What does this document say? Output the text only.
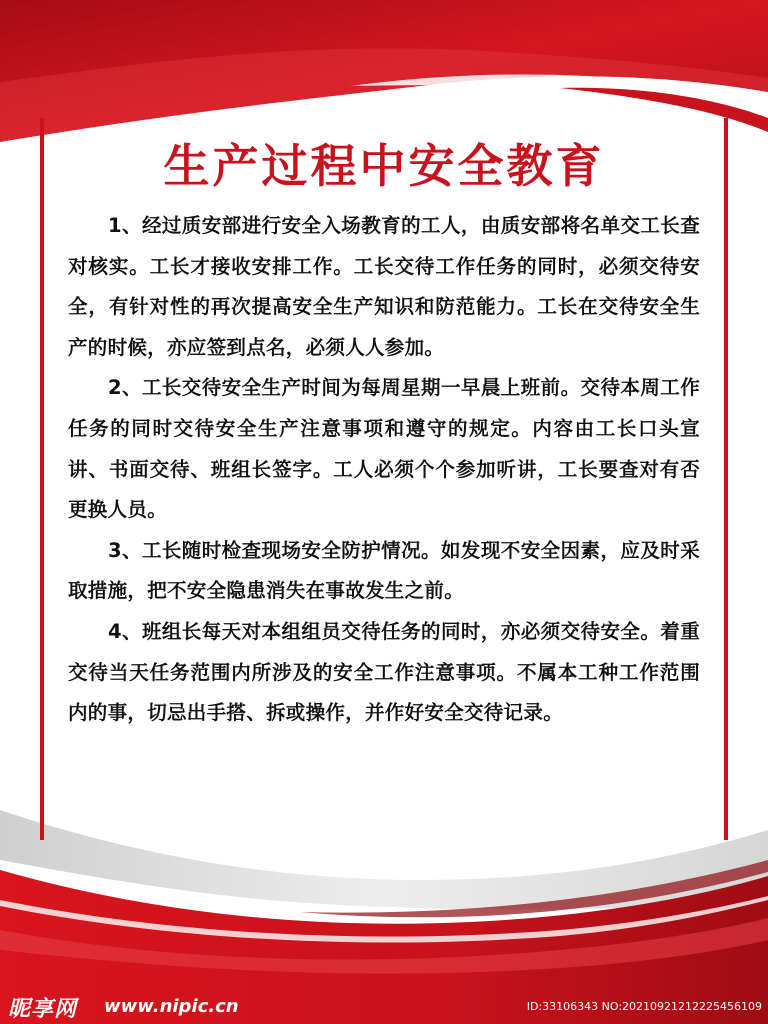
生产过程中安全教育

1、经过质安部进行安全入场教育的工人，由质安部将名单交工长查对核实。工长才接收安排工作。工长交待工作任务的同时，必须交待安全，有针对性的再次提高安全生产知识和防范能力。工长在交待安全生产的时候，亦应签到点名，必须人人参加。

2、工长交待安全生产时间为每周星期一早晨上班前。交待本周工作任务的同时交待安全生产注意事项和遵守的规定。内容由工长口头宣讲、书面交待、班组长签字。工人必须个个参加听讲，工长要查对有否更换人员。

3、工长随时检查现场安全防护情况。如发现不安全因素，应及时采取措施，把不安全隐患消失在事故发生之前。

4、班组长每天对本组组员交待任务的同时，亦必须交待安全。着重交待当天任务范围内所涉及的安全工作注意事项。不属本工种工作范围内的事，切忌出手搭、拆或操作，并作好安全交待记录。

昵享网 www.nipic.cn	ID:33106343 NO:20210921212225456109
